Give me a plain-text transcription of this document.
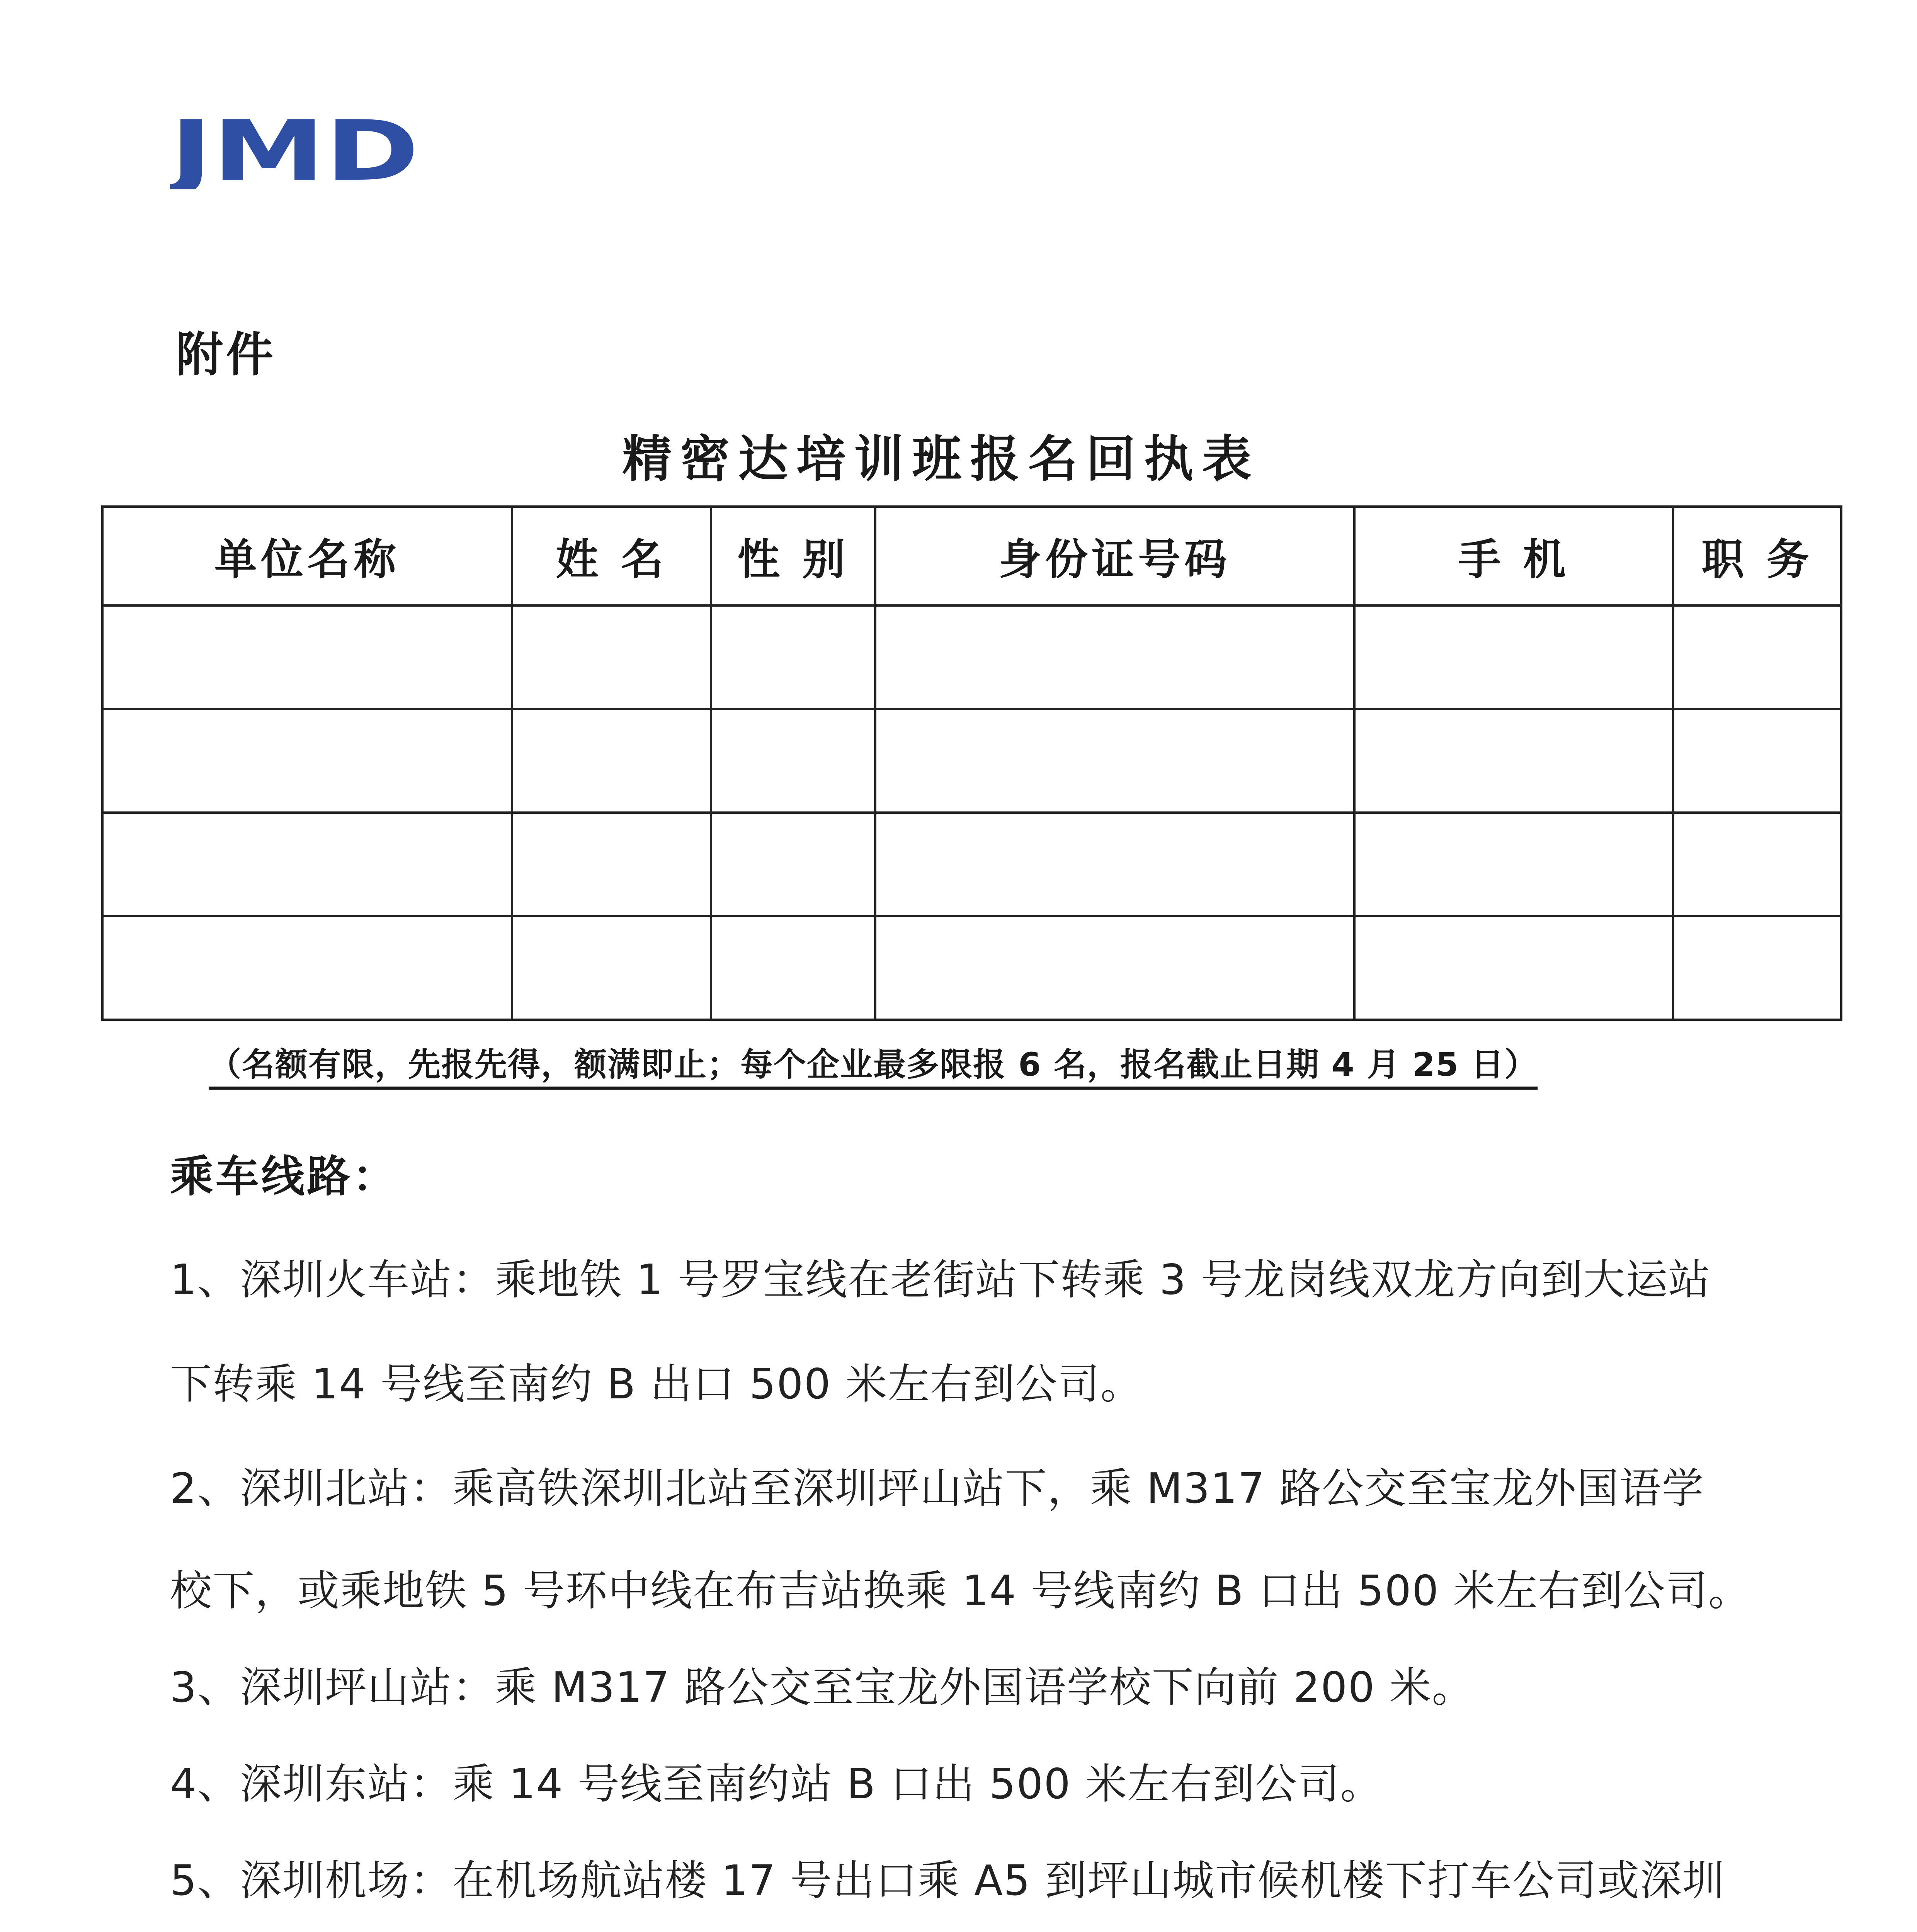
JMD
附件
精密达培训班报名回执表
单位名称	姓 名	性 别	身份证号码	手 机	职 务

（名额有限，先报先得，额满即止；每个企业最多限报 6 名，报名截止日期 4 月 25 日）
乘车线路：
1、深圳火车站：乘地铁 1 号罗宝线在老街站下转乘 3 号龙岗线双龙方向到大运站
下转乘 14 号线至南约 B 出口 500 米左右到公司。
2、深圳北站：乘高铁深圳北站至深圳坪山站下，乘 M317 路公交至宝龙外国语学
校下，或乘地铁 5 号环中线在布吉站换乘 14 号线南约 B 口出 500 米左右到公司。
3、深圳坪山站：乘 M317 路公交至宝龙外国语学校下向前 200 米。
4、深圳东站：乘 14 号线至南约站 B 口出 500 米左右到公司。
5、深圳机场：在机场航站楼 17 号出口乘 A5 到坪山城市候机楼下打车公司或深圳
